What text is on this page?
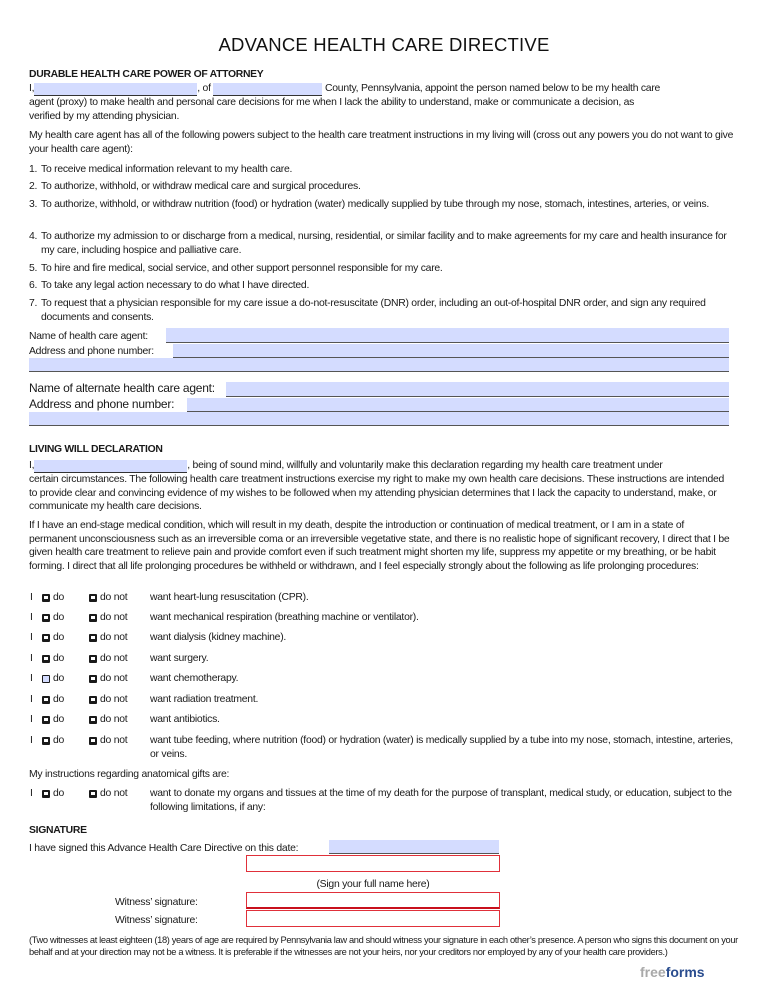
ADVANCE HEALTH CARE DIRECTIVE
DURABLE HEALTH CARE POWER OF ATTORNEY
I,	, of	County, Pennsylvania, appoint the person named below to be my health care
agent (proxy) to make health and personal care decisions for me when I lack the ability to understand, make or communicate a decision, as
verified by my attending physician.
My health care agent has all of the following powers subject to the health care treatment instructions in my living will (cross out any powers you do not want to give your health care agent):
1. To receive medical information relevant to my health care.
2. To authorize, withhold, or withdraw medical care and surgical procedures.
3. To authorize, withhold, or withdraw nutrition (food) or hydration (water) medically supplied by tube through my nose, stomach, intestines, arteries, or veins.
4. To authorize my admission to or discharge from a medical, nursing, residential, or similar facility and to make agreements for my care and health insurance for my care, including hospice and palliative care.
5. To hire and fire medical, social service, and other support personnel responsible for my care.
6. To take any legal action necessary to do what I have directed.
7. To request that a physician responsible for my care issue a do-not-resuscitate (DNR) order, including an out-of-hospital DNR order, and sign any required documents and consents.
Name of health care agent:
Address and phone number:
Name of alternate health care agent:
Address and phone number:
LIVING WILL DECLARATION
I,	, being of sound mind, willfully and voluntarily make this declaration regarding my health care treatment under
certain circumstances. The following health care treatment instructions exercise my right to make my own health care decisions. These instructions are intended to provide clear and convincing evidence of my wishes to be followed when my attending physician determines that I lack the capacity to understand, make, or communicate my health care decisions.
If I have an end-stage medical condition, which will result in my death, despite the introduction or continuation of medical treatment, or I am in a state of permanent unconsciousness such as an irreversible coma or an irreversible vegetative state, and there is no realistic hope of significant recovery, I direct that I be given health care treatment to relieve pain and provide comfort even if such treatment might shorten my life, suppress my appetite or my breathing, or be habit forming. I direct that all life prolonging procedures be withheld or withdrawn, and I feel especially strongly about the following as life prolonging procedures:
I do	do not want heart-lung resuscitation (CPR).
I do	do not want mechanical respiration (breathing machine or ventilator).
I do	do not want dialysis (kidney machine).
I do	do not want surgery.
I do	do not want chemotherapy.
I do	do not want radiation treatment.
I do	do not want antibiotics.
I do	do not want tube feeding, where nutrition (food) or hydration (water) is medically supplied by a tube into my nose, stomach, intestine, arteries, or veins.
My instructions regarding anatomical gifts are:
I do	do not want to donate my organs and tissues at the time of my death for the purpose of transplant, medical study, or education, subject to the following limitations, if any:
SIGNATURE
I have signed this Advance Health Care Directive on this date:
(Sign your full name here)
Witness’ signature:
Witness’ signature:
(Two witnesses at least eighteen (18) years of age are required by Pennsylvania law and should witness your signature in each other’s presence. A person who signs this document on your behalf and at your direction may not be a witness. It is preferable if the witnesses are not your heirs, nor your creditors nor employed by any of your health care providers.)
freeforms
